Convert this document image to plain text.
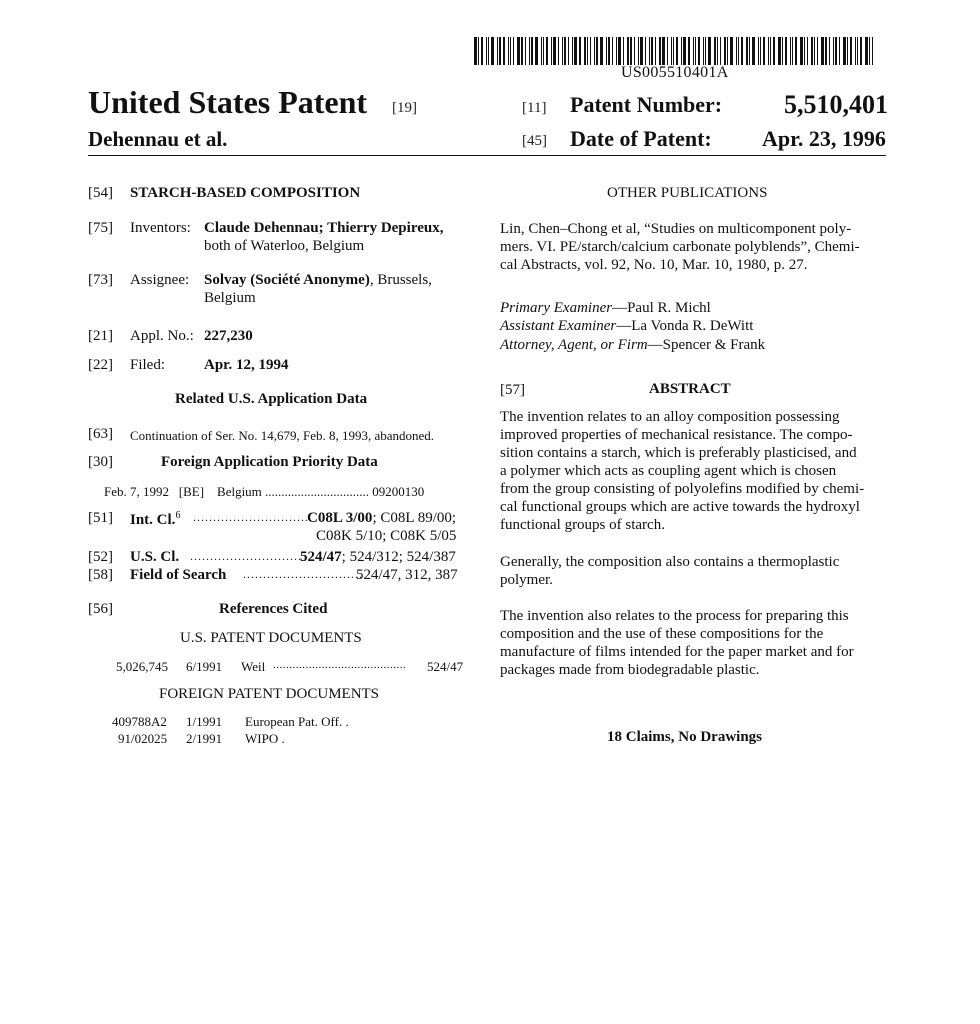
US005510401A
United States Patent [19]
Dehennau et al.
[11] Patent Number: 5,510,401
[45] Date of Patent: Apr. 23, 1996
[54] STARCH-BASED COMPOSITION
[75] Inventors: Claude Dehennau; Thierry Depireux,
both of Waterloo, Belgium
[73] Assignee: Solvay (Société Anonyme), Brussels,
Belgium
[21] Appl. No.: 227,230
[22] Filed:	Apr. 12, 1994
Related U.S. Application Data
[63] Continuation of Ser. No. 14,679, Feb. 8, 1993, abandoned.
[30]	Foreign Application Priority Data
Feb. 7, 1992   [BE]    Belgium ................................ 09200130
[51] Int. Cl.$^6$ .............................
C08L 3/00; C08L 89/00;
C08K 5/10; C08K 5/05
[52] U.S. Cl. ............................
524/47; 524/312; 524/387
[58] Field of Search ..............................
524/47, 312, 387
[56]	References Cited
U.S. PATENT DOCUMENTS
5,026,745 6/1991 Weil ......................................... 524/47
FOREIGN PATENT DOCUMENTS
409788A2 1/1991 European Pat. Off. .
91/02025 2/1991 WIPO .
OTHER PUBLICATIONS
Lin, Chen–Chong et al, “Studies on multicomponent poly-
mers. VI. PE/starch/calcium carbonate polyblends”, Chemi-
cal Abstracts, vol. 92, No. 10, Mar. 10, 1980, p. 27.
Primary Examiner—Paul R. Michl
Assistant Examiner—La Vonda R. DeWitt
Attorney, Agent, or Firm—Spencer & Frank
[57]	ABSTRACT
The invention relates to an alloy composition possessing
improved properties of mechanical resistance. The compo-
sition contains a starch, which is preferably plasticised, and
a polymer which acts as coupling agent which is chosen
from the group consisting of polyolefins modified by chemi-
cal functional groups which are active towards the hydroxyl
functional groups of starch.
Generally, the composition also contains a thermoplastic
polymer.
The invention also relates to the process for preparing this
composition and the use of these compositions for the
manufacture of films intended for the paper market and for
packages made from biodegradable plastic.
18 Claims, No Drawings
